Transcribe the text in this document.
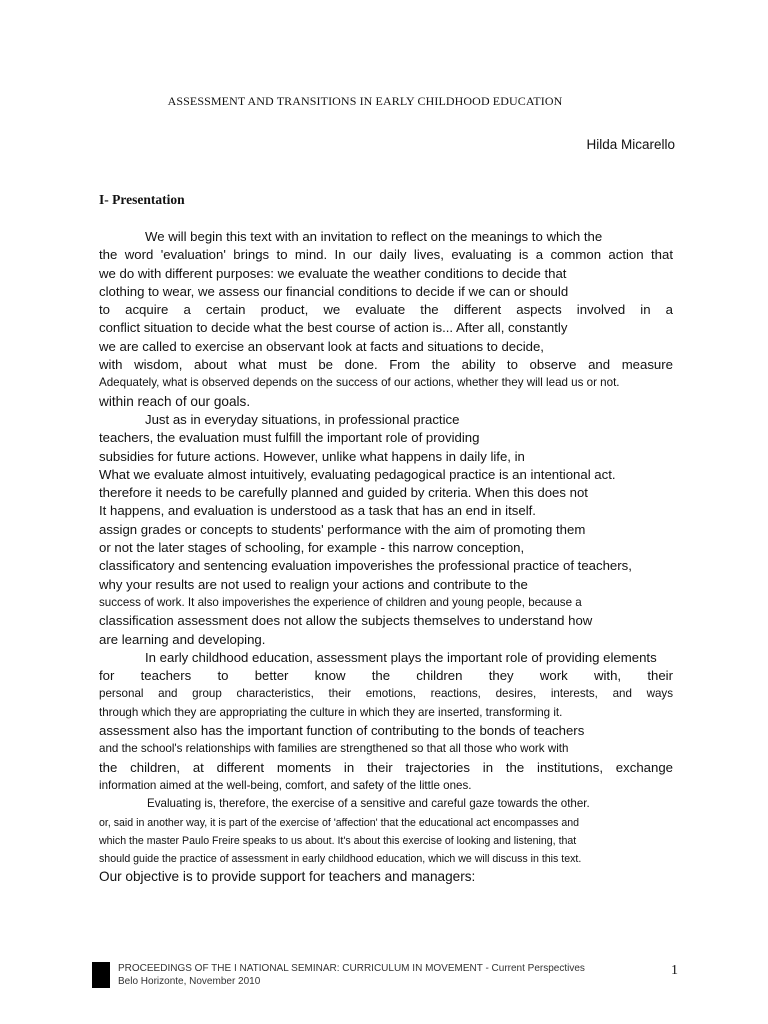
ASSESSMENT AND TRANSITIONS IN EARLY CHILDHOOD EDUCATION
Hilda Micarello
I- Presentation
We will begin this text with an invitation to reflect on the meanings to which the
the word 'evaluation' brings to mind. In our daily lives, evaluating is a common action that
we do with different purposes: we evaluate the weather conditions to decide that
clothing to wear, we assess our financial conditions to decide if we can or should
to acquire a certain product, we evaluate the different aspects involved in a
conflict situation to decide what the best course of action is... After all, constantly
we are called to exercise an observant look at facts and situations to decide,
with wisdom, about what must be done. From the ability to observe and measure
Adequately, what is observed depends on the success of our actions, whether they will lead us or not.
within reach of our goals.
Just as in everyday situations, in professional practice
teachers, the evaluation must fulfill the important role of providing
subsidies for future actions. However, unlike what happens in daily life, in
What we evaluate almost intuitively, evaluating pedagogical practice is an intentional act.
therefore it needs to be carefully planned and guided by criteria. When this does not
It happens, and evaluation is understood as a task that has an end in itself.
assign grades or concepts to students' performance with the aim of promoting them
or not the later stages of schooling, for example - this narrow conception,
classificatory and sentencing evaluation impoverishes the professional practice of teachers,
why your results are not used to realign your actions and contribute to the
success of work. It also impoverishes the experience of children and young people, because a
classification assessment does not allow the subjects themselves to understand how
are learning and developing.
In early childhood education, assessment plays the important role of providing elements
for teachers to better know the children they work with, their
personal and group characteristics, their emotions, reactions, desires, interests, and ways
through which they are appropriating the culture in which they are inserted, transforming it.
assessment also has the important function of contributing to the bonds of teachers
and the school's relationships with families are strengthened so that all those who work with
the children, at different moments in their trajectories in the institutions, exchange
information aimed at the well-being, comfort, and safety of the little ones.
Evaluating is, therefore, the exercise of a sensitive and careful gaze towards the other.
or, said in another way, it is part of the exercise of 'affection' that the educational act encompasses and
which the master Paulo Freire speaks to us about. It's about this exercise of looking and listening, that
should guide the practice of assessment in early childhood education, which we will discuss in this text.
Our objective is to provide support for teachers and managers:
PROCEEDINGS OF THE I NATIONAL SEMINAR: CURRICULUM IN MOVEMENT - Current Perspectives
Belo Horizonte, November 2010
1
